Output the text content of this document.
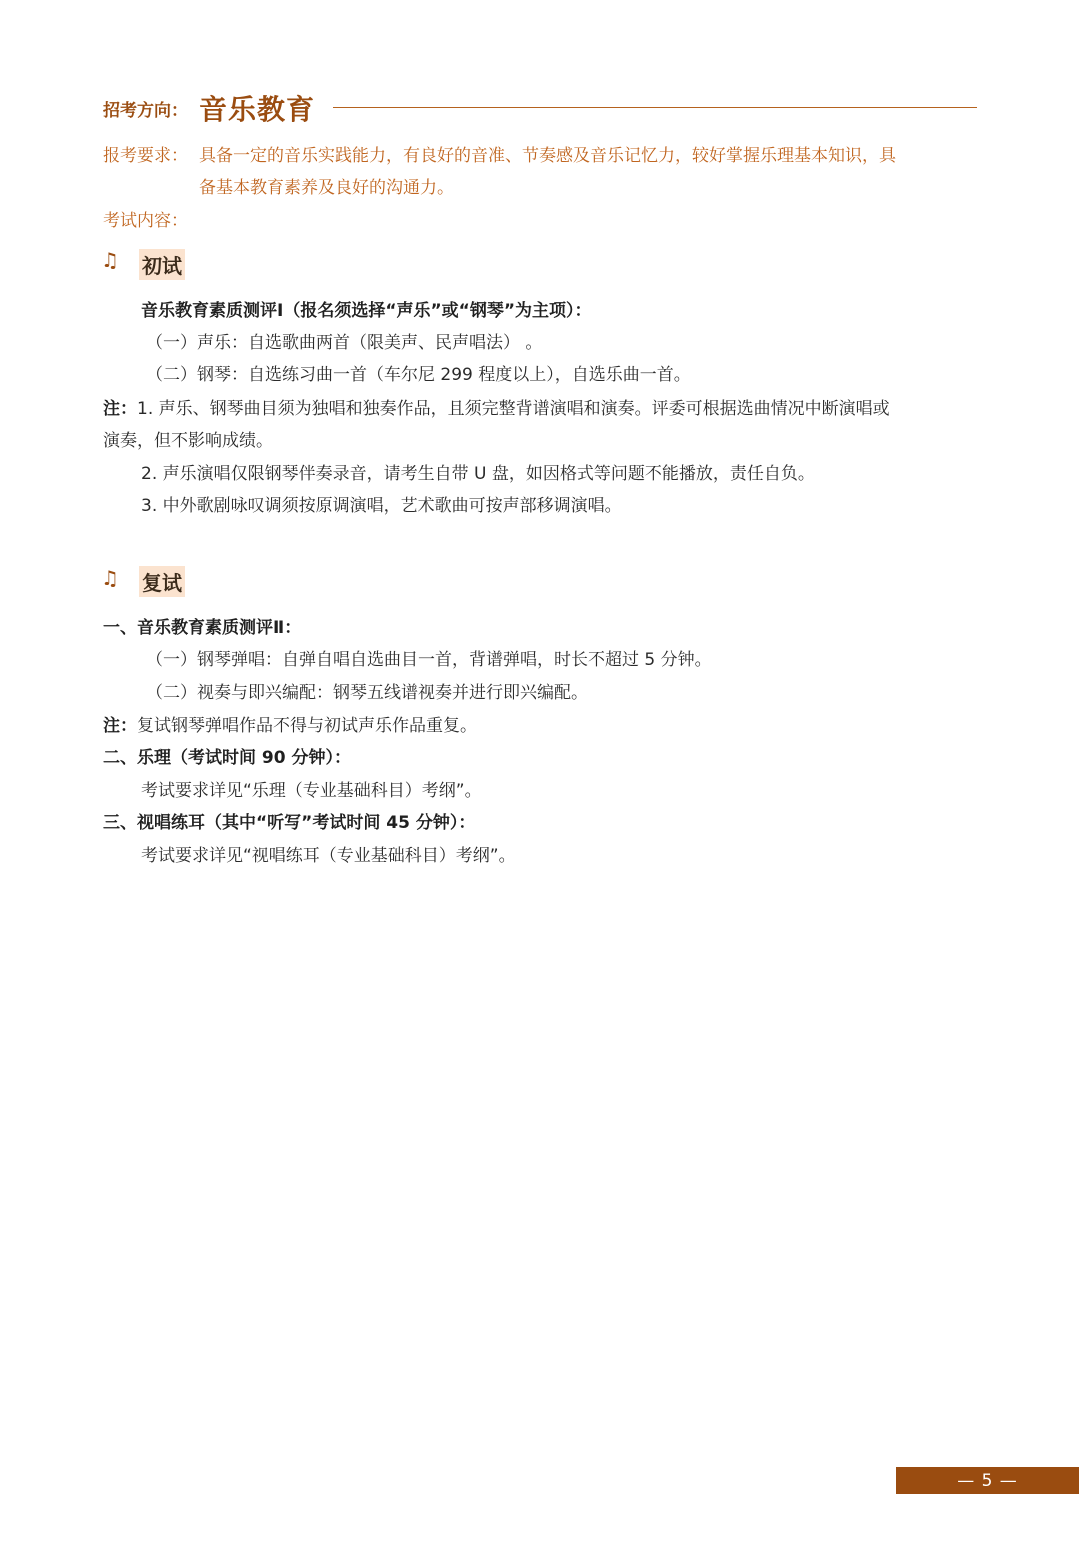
招考方向： 音乐教育
报考要求： 具备一定的音乐实践能力，有良好的音准、节奏感及音乐记忆力，较好掌握乐理基本知识，具
备基本教育素养及良好的沟通力。
考试内容：
♫ 初试
音乐教育素质测评Ⅰ（报名须选择“声乐”或“钢琴”为主项）：
（一）声乐：自选歌曲两首（限美声、民声唱法） 。
（二）钢琴：自选练习曲一首（车尔尼 299 程度以上），自选乐曲一首。
注：1. 声乐、钢琴曲目须为独唱和独奏作品，且须完整背谱演唱和演奏。评委可根据选曲情况中断演唱或
演奏，但不影响成绩。
2. 声乐演唱仅限钢琴伴奏录音，请考生自带 U 盘，如因格式等问题不能播放，责任自负。
3. 中外歌剧咏叹调须按原调演唱，艺术歌曲可按声部移调演唱。
♫ 复试
一、音乐教育素质测评Ⅱ：
（一）钢琴弹唱：自弹自唱自选曲目一首，背谱弹唱，时长不超过 5 分钟。
（二）视奏与即兴编配：钢琴五线谱视奏并进行即兴编配。
注：复试钢琴弹唱作品不得与初试声乐作品重复。
二、乐理（考试时间 90 分钟）：
考试要求详见“乐理（专业基础科目）考纲”。
三、视唱练耳（其中“听写”考试时间 45 分钟）：
考试要求详见“视唱练耳（专业基础科目）考纲”。
— 5 —
